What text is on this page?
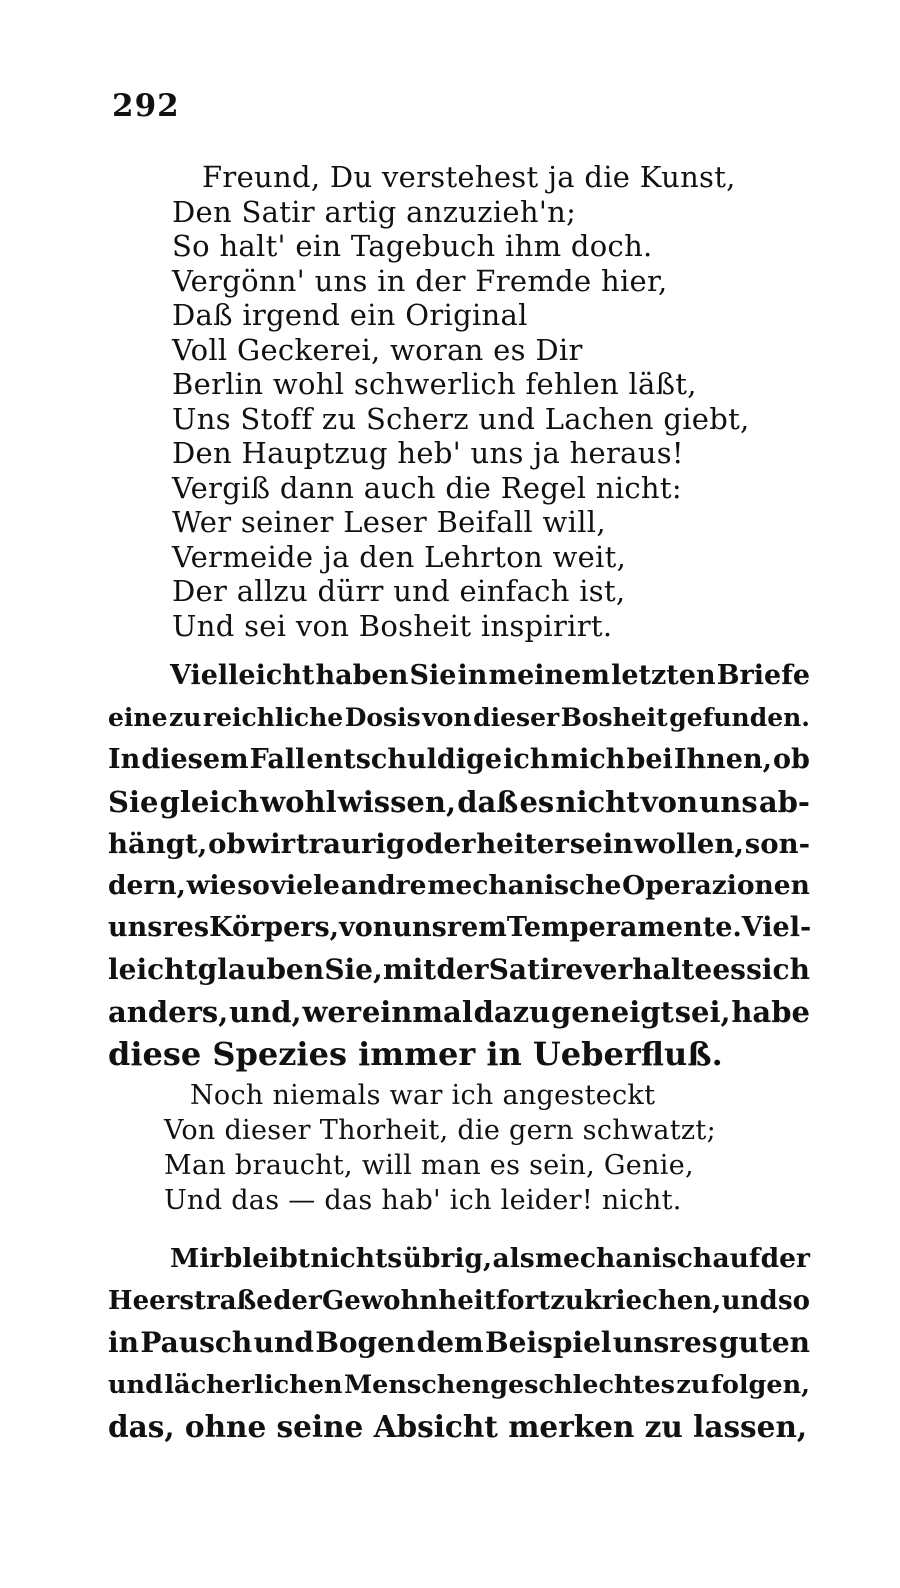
292
Freund, Du verstehest ja die Kunst,
Den Satir artig anzuzieh'n;
So halt' ein Tagebuch ihm doch.
Vergönn' uns in der Fremde hier,
Daß irgend ein Original
Voll Geckerei, woran es Dir
Berlin wohl schwerlich fehlen läßt,
Uns Stoff zu Scherz und Lachen giebt,
Den Hauptzug heb' uns ja heraus!
Vergiß dann auch die Regel nicht:
Wer seiner Leser Beifall will,
Vermeide ja den Lehrton weit,
Der allzu dürr und einfach ist,
Und sei von Bosheit inspirirt.
Vielleicht haben Sie in meinem letzten Briefe
eine zu reichliche Dosis von dieser Bosheit gefunden.
In diesem Fall entschuldige ich mich bei Ihnen, ob
Sie gleich wohl wissen, daß es nicht von uns ab-
hängt, ob wir traurig oder heiter sein wollen, son-
dern, wie so viele andre mechanische Operazionen
unsres Körpers, von unsrem Temperamente. Viel-
leicht glauben Sie, mit der Satire verhalte es sich
anders, und, wer einmal dazu geneigt sei, habe
diese Spezies immer in Ueberfluß.
Noch niemals war ich angesteckt
Von dieser Thorheit, die gern schwatzt;
Man braucht, will man es sein, Genie,
Und das — das hab' ich leider! nicht.
Mir bleibt nichts übrig, als mechanisch auf der
Heerstraße der Gewohnheit fortzukriechen, und so
in Pausch und Bogen dem Beispiel unsres guten
und lächerlichen Menschengeschlechtes zu folgen,
das, ohne seine Absicht merken zu lassen,
